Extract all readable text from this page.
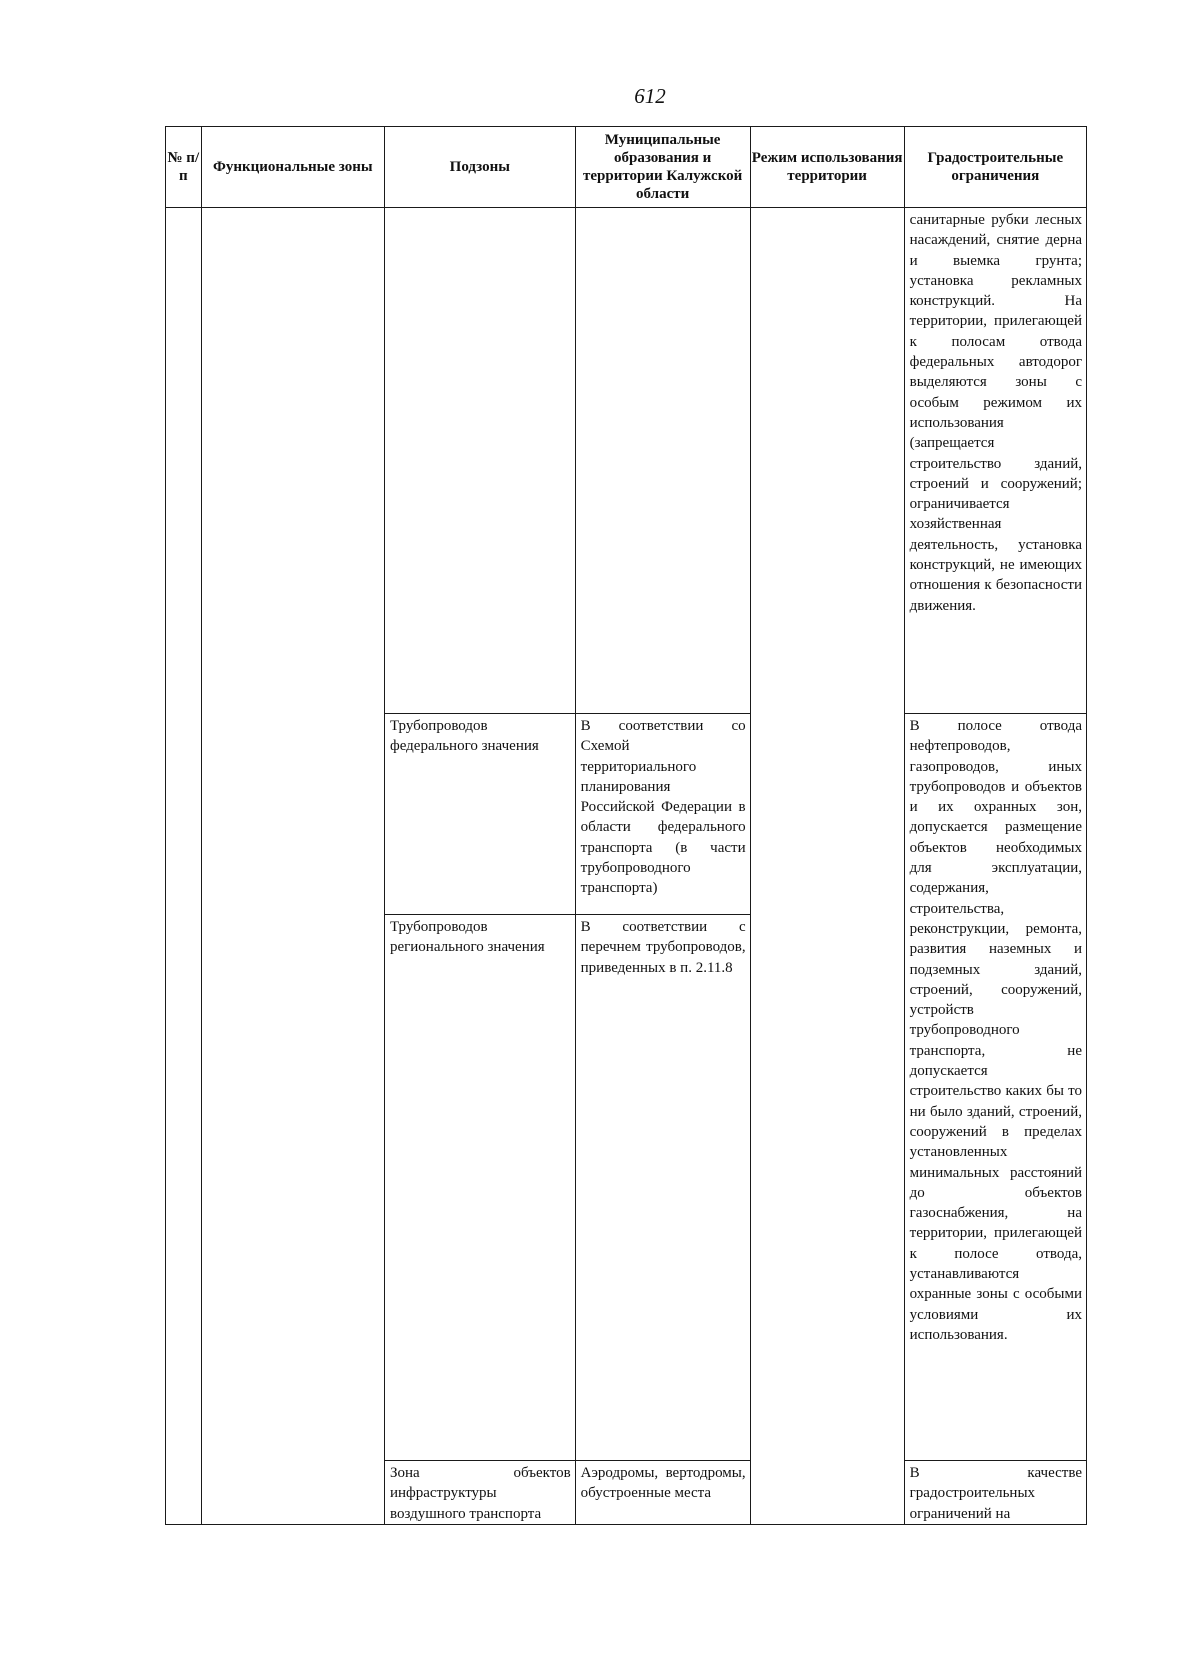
612
№ п/ п	Функциональные зоны	Подзоны	Муниципальные образования и территории Калужской области	Режим использования территории	Градостроительные ограничения

					санитарные рубки лесных насаждений, снятие дерна и выемка грунта; установка рекламных конструкций. На территории, прилегающей к полосам отвода федеральных автодорог выделяются зоны с особым режимом их использования (запрещается строительство зданий, строений и сооружений; ограничивается хозяйственная деятельность, установка конструкций, не имеющих отношения к безопасности движения.

		Трубопроводов федерального значения	В соответствии со Схемой территориального планирования Российской Федерации в области федерального транспорта (в части трубопроводного транспорта)		В полосе отвода нефтепроводов, газопроводов, иных трубопроводов и объектов и их охранных зон, допускается размещение объектов необходимых для эксплуатации, содержания, строительства, реконструкции, ремонта, развития наземных и подземных зданий, строений, сооружений, устройств трубопроводного транспорта, не допускается строительство каких бы то ни было зданий, строений, сооружений в пределах установленных минимальных расстояний до объектов газоснабжения, на территории, прилегающей к полосе отвода, устанавливаются охранные зоны с особыми условиями их использования.

		Трубопроводов регионального значения	В соответствии с перечнем трубопроводов, приведенных в п. 2.11.8		

		Зона объектов инфраструктуры воздушного транспорта	Аэродромы, вертодромы, обустроенные места		В качестве градостроительных ограничений на
